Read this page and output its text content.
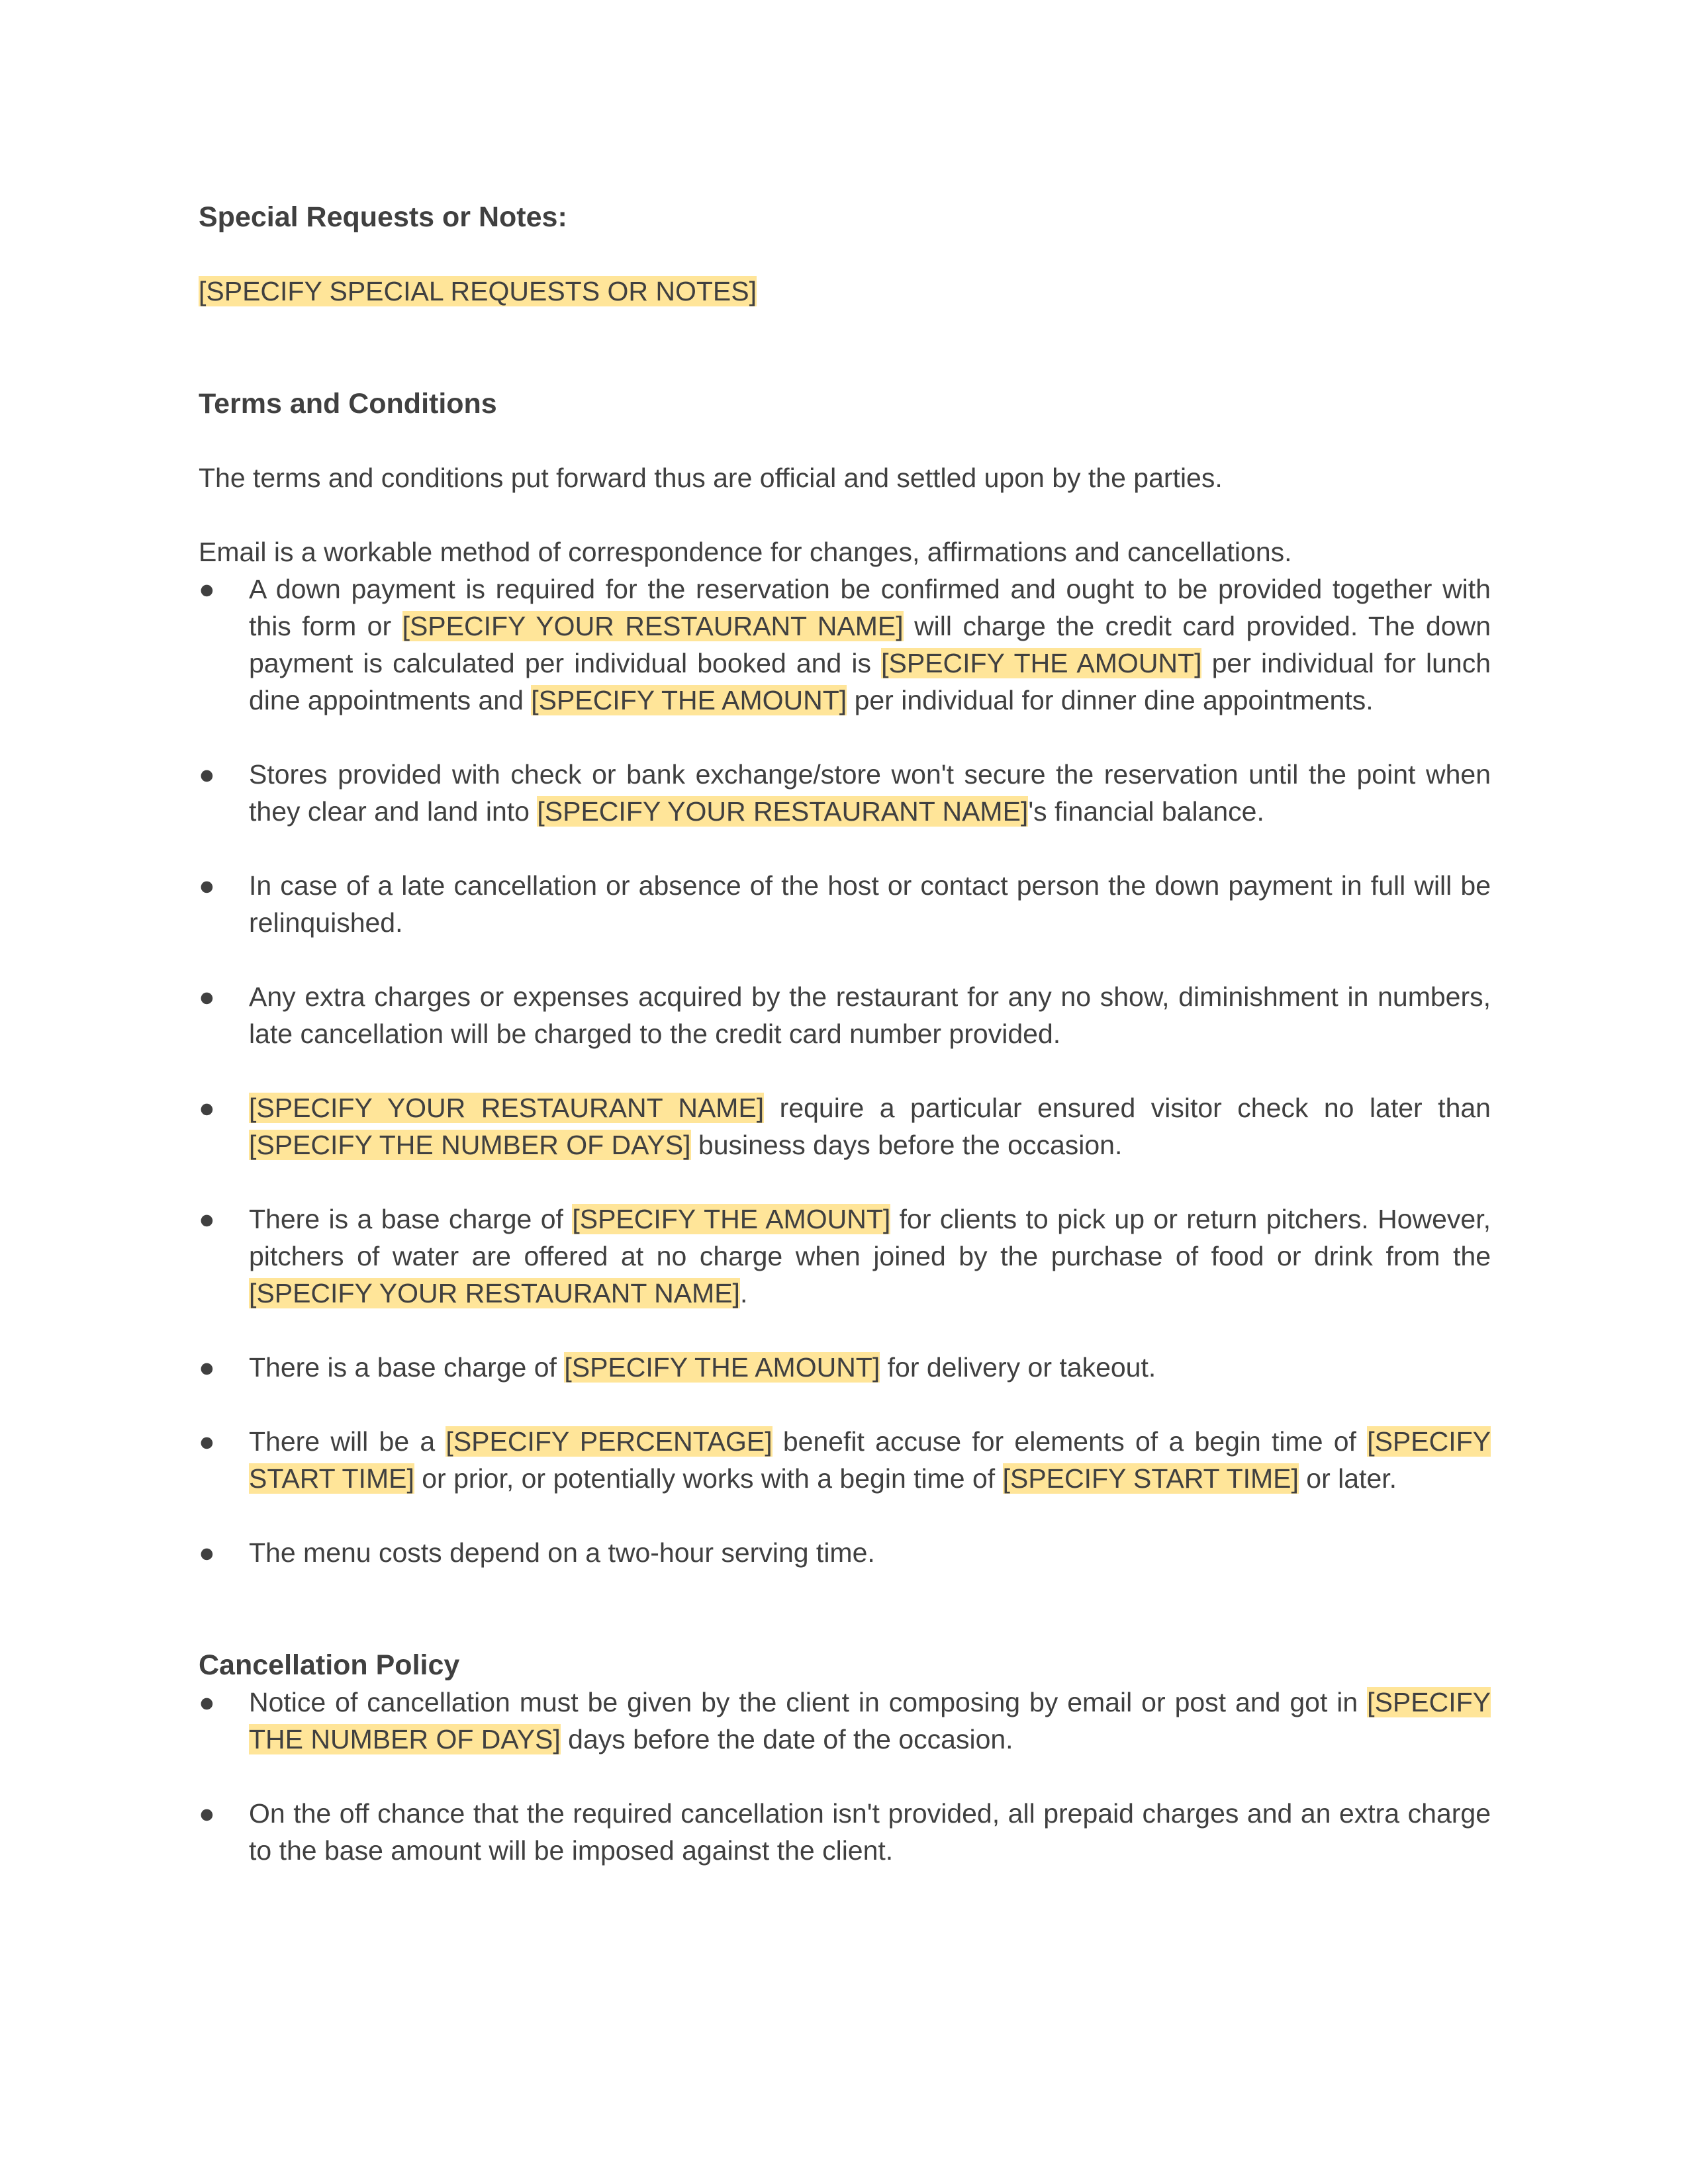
Special Requests or Notes:

[SPECIFY SPECIAL REQUESTS OR NOTES]

Terms and Conditions

The terms and conditions put forward thus are official and settled upon by the parties.

Email is a workable method of correspondence for changes, affirmations and cancellations.

●	A down payment is required for the reservation be confirmed and ought to be provided together with this form or [SPECIFY YOUR RESTAURANT NAME] will charge the credit card provided. The down payment is calculated per individual booked and is [SPECIFY THE AMOUNT] per individual for lunch dine appointments and [SPECIFY THE AMOUNT] per individual for dinner dine appointments.
●	Stores provided with check or bank exchange/store won't secure the reservation until the point when they clear and land into [SPECIFY YOUR RESTAURANT NAME]'s financial balance.
●	In case of a late cancellation or absence of the host or contact person the down payment in full will be relinquished.
●	Any extra charges or expenses acquired by the restaurant for any no show, diminishment in numbers, late cancellation will be charged to the credit card number provided.
●	[SPECIFY YOUR RESTAURANT NAME] require a particular ensured visitor check no later than [SPECIFY THE NUMBER OF DAYS] business days before the occasion.
●	There is a base charge of [SPECIFY THE AMOUNT] for clients to pick up or return pitchers. However, pitchers of water are offered at no charge when joined by the purchase of food or drink from the [SPECIFY YOUR RESTAURANT NAME].
●	There is a base charge of [SPECIFY THE AMOUNT] for delivery or takeout.
●	There will be a [SPECIFY PERCENTAGE] benefit accuse for elements of a begin time of [SPECIFY START TIME] or prior, or potentially works with a begin time of [SPECIFY START TIME] or later.
●	The menu costs depend on a two-hour serving time.

Cancellation Policy

●	Notice of cancellation must be given by the client in composing by email or post and got in [SPECIFY THE NUMBER OF DAYS] days before the date of the occasion.
●	On the off chance that the required cancellation isn't provided, all prepaid charges and an extra charge to the base amount will be imposed against the client.
